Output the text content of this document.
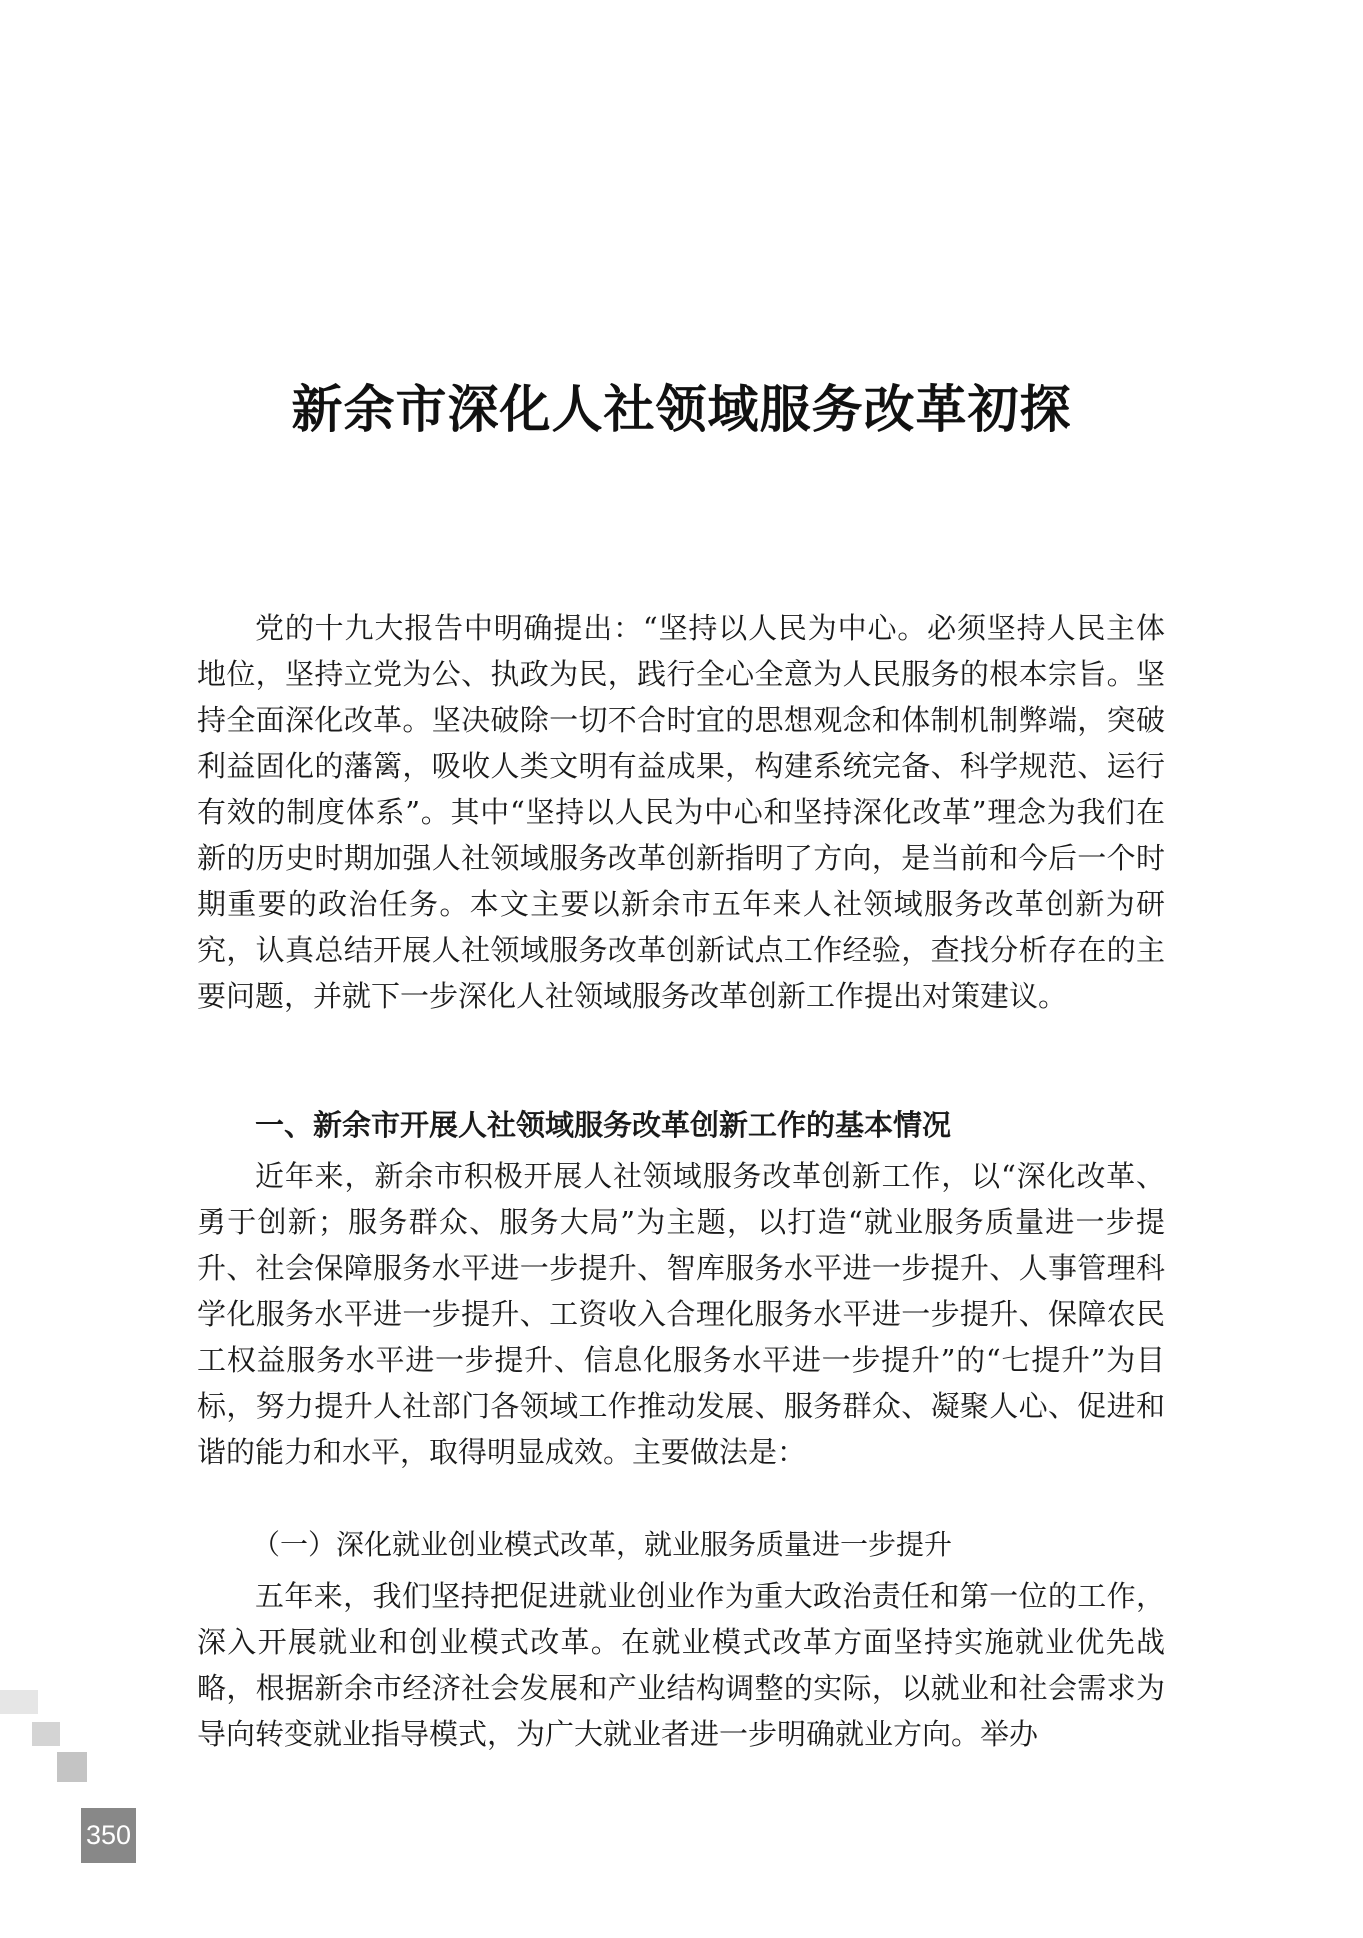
新余市深化人社领域服务改革初探

党的十九大报告中明确提出：“坚持以人民为中心。必须坚持人民主体地位，坚持立党为公、执政为民，践行全心全意为人民服务的根本宗旨。坚持全面深化改革。坚决破除一切不合时宜的思想观念和体制机制弊端，突破利益固化的藩篱，吸收人类文明有益成果，构建系统完备、科学规范、运行有效的制度体系”。其中“坚持以人民为中心和坚持深化改革”理念为我们在新的历史时期加强人社领域服务改革创新指明了方向，是当前和今后一个时期重要的政治任务。本文主要以新余市五年来人社领域服务改革创新为研究，认真总结开展人社领域服务改革创新试点工作经验，查找分析存在的主要问题，并就下一步深化人社领域服务改革创新工作提出对策建议。

一、新余市开展人社领域服务改革创新工作的基本情况

近年来，新余市积极开展人社领域服务改革创新工作，以“深化改革、勇于创新；服务群众、服务大局”为主题，以打造“就业服务质量进一步提升、社会保障服务水平进一步提升、智库服务水平进一步提升、人事管理科学化服务水平进一步提升、工资收入合理化服务水平进一步提升、保障农民工权益服务水平进一步提升、信息化服务水平进一步提升”的“七提升”为目标，努力提升人社部门各领域工作推动发展、服务群众、凝聚人心、促进和谐的能力和水平，取得明显成效。主要做法是：

（一）深化就业创业模式改革，就业服务质量进一步提升

五年来，我们坚持把促进就业创业作为重大政治责任和第一位的工作，深入开展就业和创业模式改革。在就业模式改革方面坚持实施就业优先战略，根据新余市经济社会发展和产业结构调整的实际，以就业和社会需求为导向转变就业指导模式，为广大就业者进一步明确就业方向。举办

350
